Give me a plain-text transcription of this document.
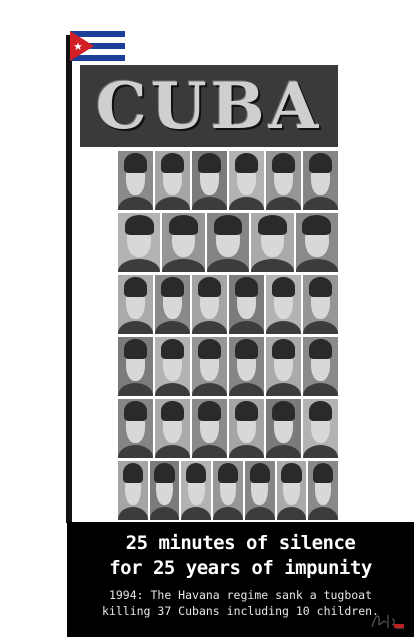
CUBA
25 minutes of silence
for 25 years of impunity
1994: The Havana regime sank a tugboat
killing 37 Cubans including 10 children.
